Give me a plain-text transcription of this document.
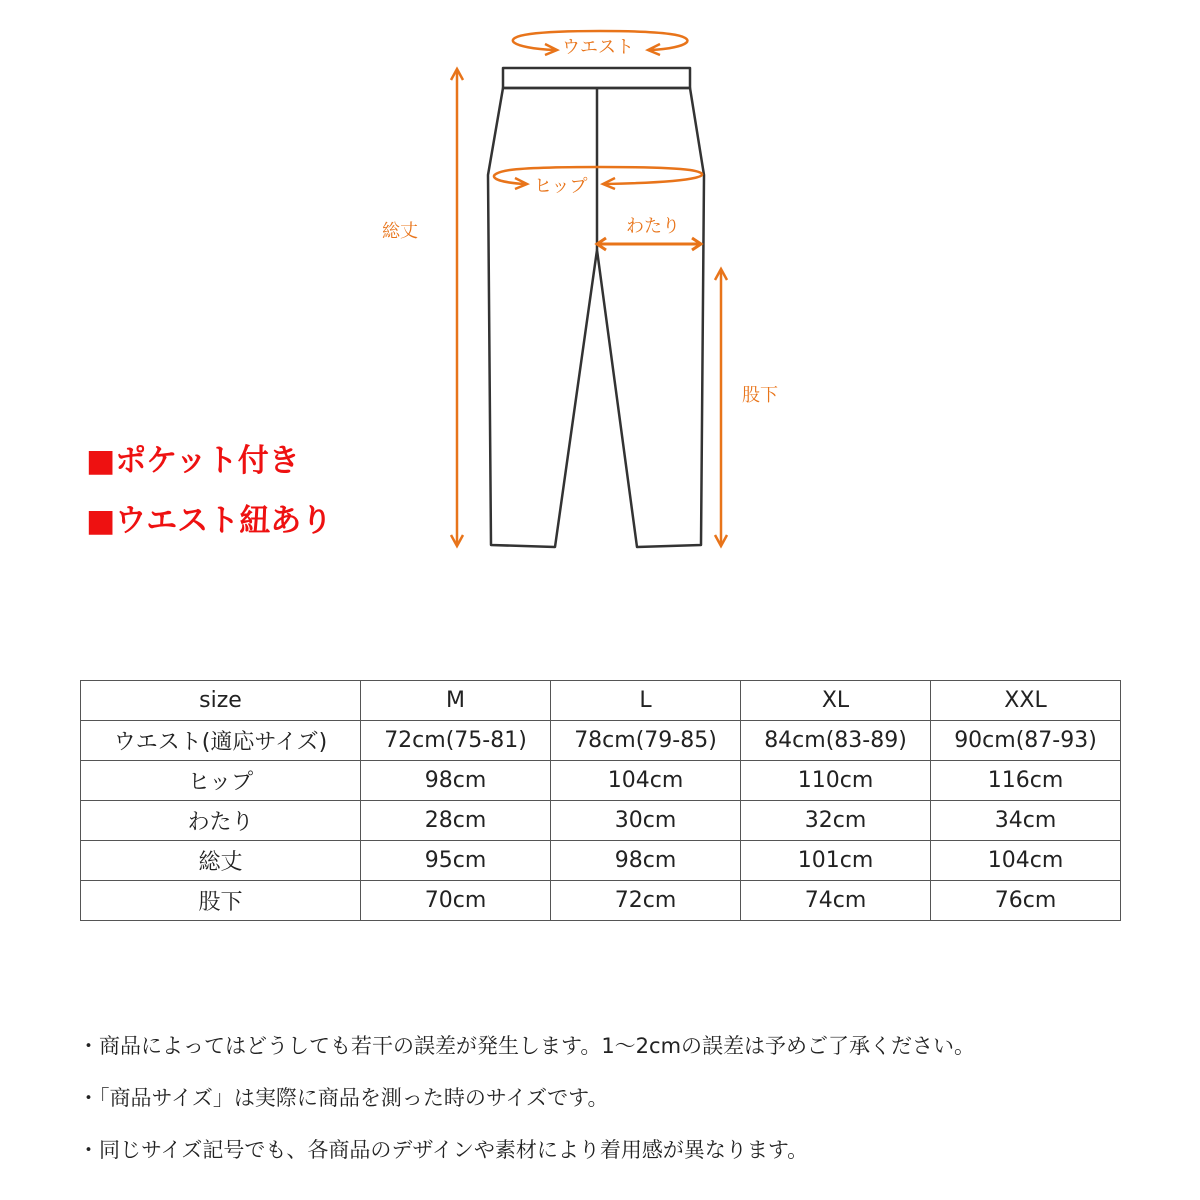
ウエスト
ヒップ
わたり
総丈
股下
■ポケット付き
■ウエスト紐あり
size	M	L	XL	XXL
ウエスト(適応サイズ)	72cm(75-81)	78cm(79-85)	84cm(83-89)	90cm(87-93)
ヒップ	98cm	104cm	110cm	116cm
わたり	28cm	30cm	32cm	34cm
総丈	95cm	98cm	101cm	104cm
股下	70cm	72cm	74cm	76cm
・商品によってはどうしても若干の誤差が発生します。1〜2cmの誤差は予めご了承ください。
・「商品サイズ」は実際に商品を測った時のサイズです。
・同じサイズ記号でも、各商品のデザインや素材により着用感が異なります。
